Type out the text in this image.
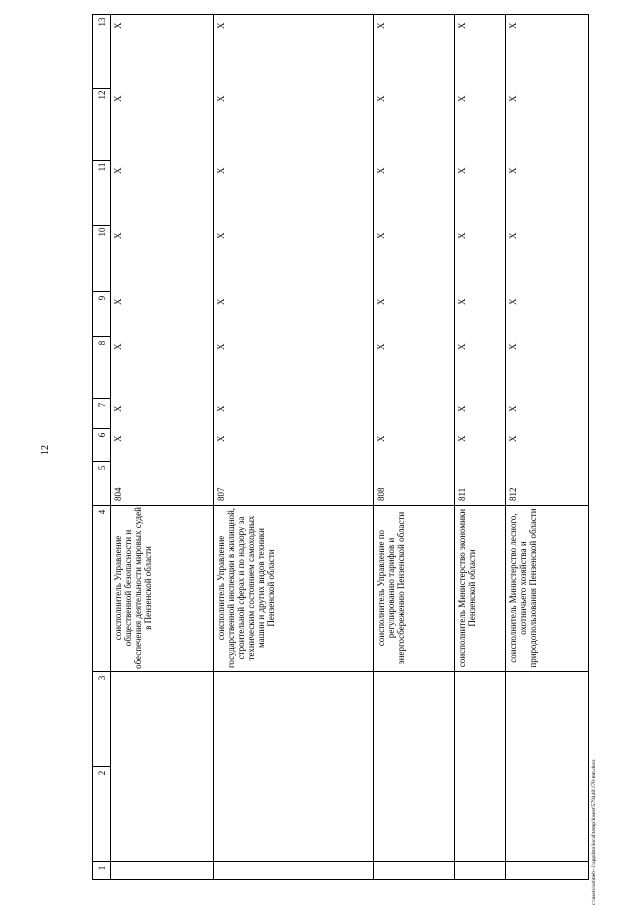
12
1
2
3
4
5
6
7
8
9
10
11
12
13
соисполнитель Управление общественной безопасности и обеспечения деятельности мировых судей в Пензенской области
804
X
X
X
X
X
X
X
X
соисполнитель Управление государственной инспекции в жилищной, строительной сферах и по надзору за техническим состоянием самоходных машин и других видов техники Пензенской области
807
X
X
X
X
X
X
X
X
соисполнитель Управление по регулированию тарифов и энергосбережению Пензенской области
808
X
X
X
X
X
X
X
соисполнитель Министерство экономики Пензенской области
811
X
X
X
X
X
X
X
X
соисполнитель Министерство лесного, охотничьего хозяйства и природопользования Пензенской области
812
X
X
X
X
X
X
X
X
c:\users\sobneb~1\appdata\local\temp\losest\579448\170-mn.docx
